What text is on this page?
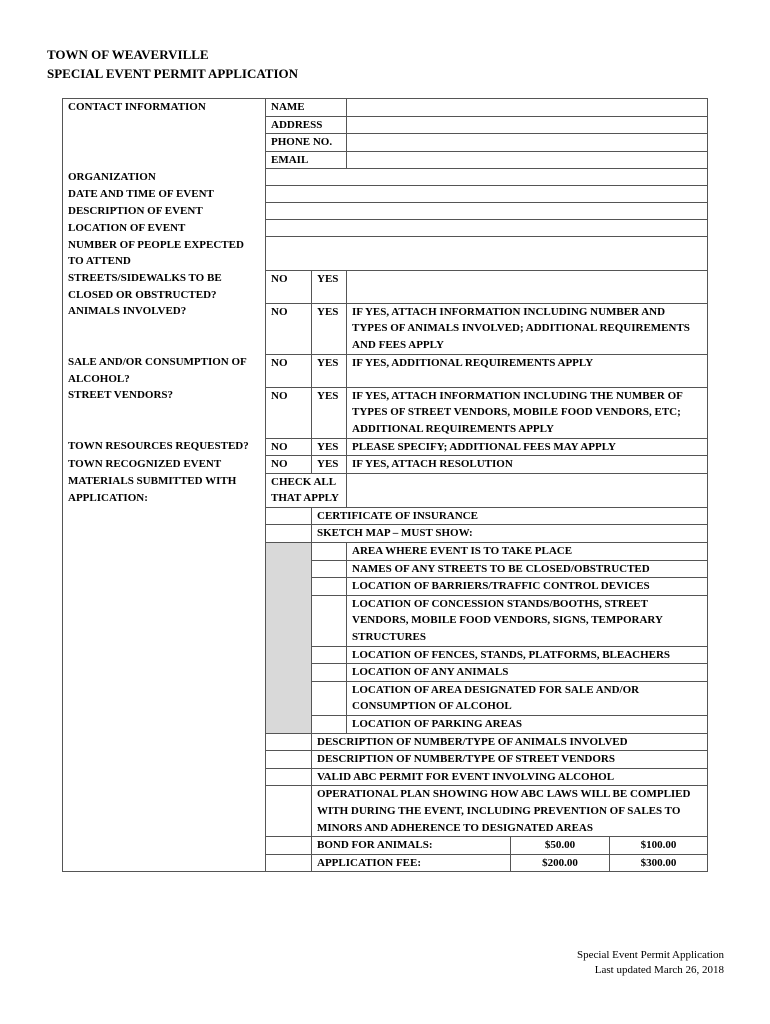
TOWN OF WEAVERVILLE
SPECIAL EVENT PERMIT APPLICATION
CONTACT INFORMATION	NAME				
	ADDRESS				
	PHONE NO.				
	EMAIL				
ORGANIZATION					
DATE AND TIME OF EVENT					
DESCRIPTION OF EVENT					
LOCATION OF EVENT					
NUMBER OF PEOPLE EXPECTED TO ATTEND					
STREETS/SIDEWALKS TO BE CLOSED OR OBSTRUCTED?	NO	YES			
ANIMALS INVOLVED?	NO	YES	IF YES, ATTACH INFORMATION INCLUDING NUMBER AND TYPES OF ANIMALS INVOLVED; ADDITIONAL REQUIREMENTS AND FEES APPLY		
SALE AND/OR CONSUMPTION OF ALCOHOL?	NO	YES	IF YES, ADDITIONAL REQUIREMENTS APPLY		
STREET VENDORS?	NO	YES	IF YES, ATTACH INFORMATION INCLUDING THE NUMBER OF TYPES OF STREET VENDORS, MOBILE FOOD VENDORS, ETC; ADDITIONAL REQUIREMENTS APPLY		
TOWN RESOURCES REQUESTED?	NO	YES	PLEASE SPECIFY; ADDITIONAL FEES MAY APPLY		
TOWN RECOGNIZED EVENT	NO	YES	IF YES, ATTACH RESOLUTION		
MATERIALS SUBMITTED WITH APPLICATION:	CHECK ALL THAT APPLY				
		CERTIFICATE OF INSURANCE			
		SKETCH MAP – MUST SHOW:			
			AREA WHERE EVENT IS TO TAKE PLACE		
			NAMES OF ANY STREETS TO BE CLOSED/OBSTRUCTED		
			LOCATION OF BARRIERS/TRAFFIC CONTROL DEVICES		
			LOCATION OF CONCESSION STANDS/BOOTHS, STREET VENDORS, MOBILE FOOD VENDORS, SIGNS, TEMPORARY STRUCTURES		
			LOCATION OF FENCES, STANDS, PLATFORMS, BLEACHERS		
			LOCATION OF ANY ANIMALS		
			LOCATION OF AREA DESIGNATED FOR SALE AND/OR CONSUMPTION OF ALCOHOL		
			LOCATION OF PARKING AREAS		
		DESCRIPTION OF NUMBER/TYPE OF ANIMALS INVOLVED			
		DESCRIPTION OF NUMBER/TYPE OF STREET VENDORS			
		VALID ABC PERMIT FOR EVENT INVOLVING ALCOHOL			
		OPERATIONAL PLAN SHOWING HOW ABC LAWS WILL BE COMPLIED WITH DURING THE EVENT, INCLUDING PREVENTION OF SALES TO MINORS AND ADHERENCE TO DESIGNATED AREAS			
		BOND FOR ANIMALS:		$50.00	$100.00
		APPLICATION FEE:		$200.00	$300.00
Special Event Permit Application
Last updated March 26, 2018
